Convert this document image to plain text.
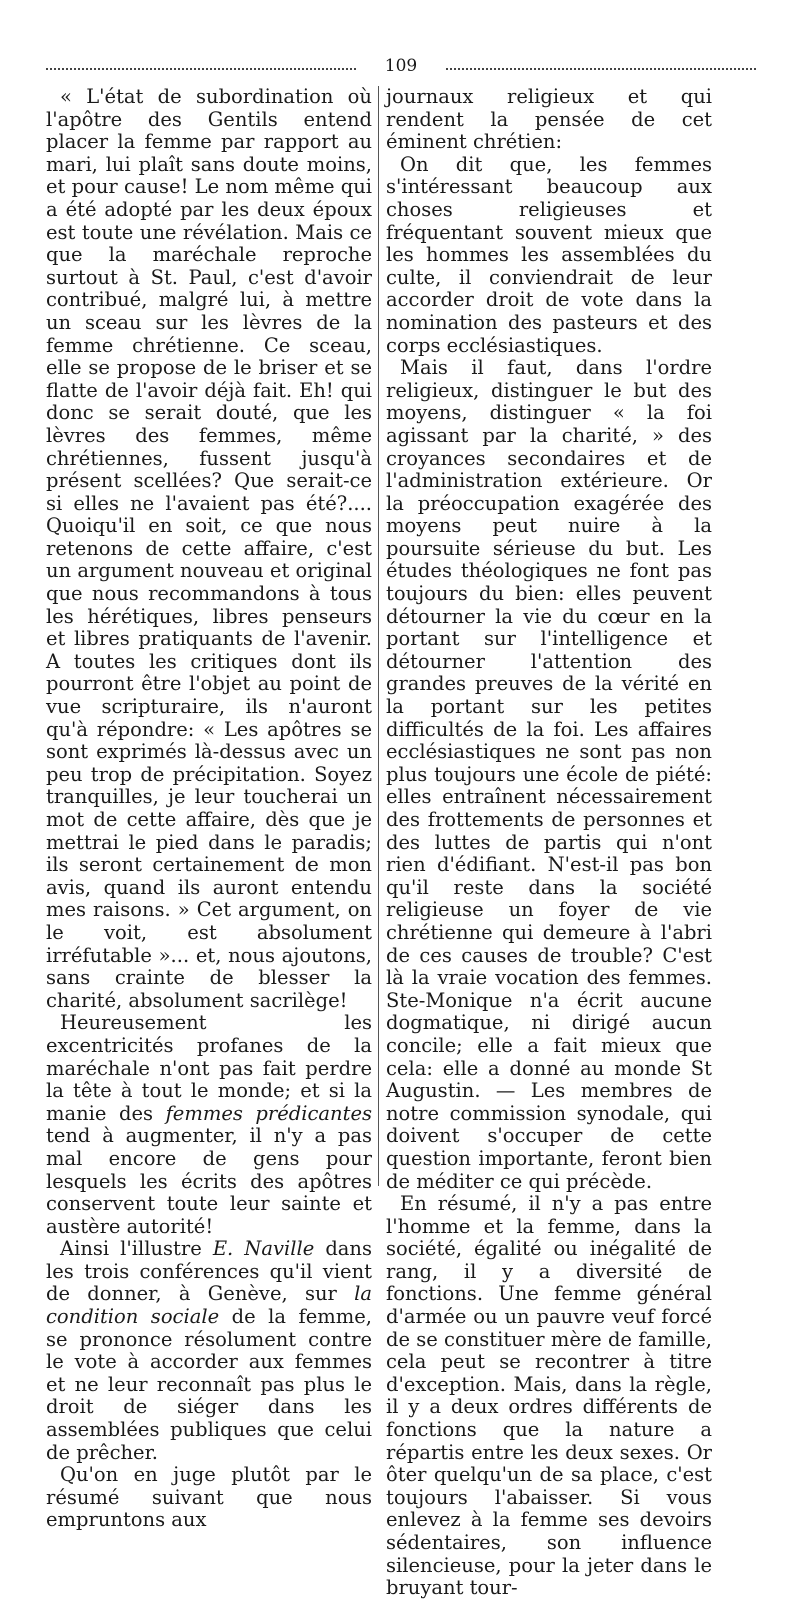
109

« L'état de subordination où l'apôtre des Gentils entend placer la femme par rapport au mari, lui plaît sans doute moins, et pour cause! Le nom même qui a été adopté par les deux époux est toute une révélation. Mais ce que la maréchale reproche surtout à St. Paul, c'est d'avoir contribué, malgré lui, à mettre un sceau sur les lèvres de la femme chrétienne. Ce sceau, elle se propose de le briser et se flatte de l'avoir déjà fait. Eh! qui donc se serait douté, que les lèvres des femmes, même chrétiennes, fussent jusqu'à présent scellées? Que serait-ce si elles ne l'avaient pas été?.... Quoiqu'il en soit, ce que nous retenons de cette affaire, c'est un argument nouveau et original que nous recommandons à tous les hérétiques, libres penseurs et libres pratiquants de l'avenir. A toutes les critiques dont ils pourront être l'objet au point de vue scripturaire, ils n'auront qu'à répondre: « Les apôtres se sont exprimés là-dessus avec un peu trop de précipitation. Soyez tranquilles, je leur toucherai un mot de cette affaire, dès que je mettrai le pied dans le paradis; ils seront certainement de mon avis, quand ils auront entendu mes raisons. » Cet argument, on le voit, est absolument irréfutable »... et, nous ajoutons, sans crainte de blesser la charité, absolument sacrilège!

Heureusement les excentricités profanes de la maréchale n'ont pas fait perdre la tête à tout le monde; et si la manie des femmes prédicantes tend à augmenter, il n'y a pas mal encore de gens pour lesquels les écrits des apôtres conservent toute leur sainte et austère autorité!

Ainsi l'illustre E. Naville dans les trois conférences qu'il vient de donner, à Genève, sur la condition sociale de la femme, se prononce résolument contre le vote à accorder aux femmes et ne leur reconnaît pas plus le droit de siéger dans les assemblées publiques que celui de prêcher.

Qu'on en juge plutôt par le résumé suivant que nous empruntons aux

journaux religieux et qui rendent la pensée de cet éminent chrétien:

On dit que, les femmes s'intéressant beaucoup aux choses religieuses et fréquentant souvent mieux que les hommes les assemblées du culte, il conviendrait de leur accorder droit de vote dans la nomination des pasteurs et des corps ecclésiastiques.

Mais il faut, dans l'ordre religieux, distinguer le but des moyens, distinguer « la foi agissant par la charité, » des croyances secondaires et de l'administration extérieure. Or la préoccupation exagérée des moyens peut nuire à la poursuite sérieuse du but. Les études théologiques ne font pas toujours du bien: elles peuvent détourner la vie du cœur en la portant sur l'intelligence et détourner l'attention des grandes preuves de la vérité en la portant sur les petites difficultés de la foi. Les affaires ecclésiastiques ne sont pas non plus toujours une école de piété: elles entraînent nécessairement des frottements de personnes et des luttes de partis qui n'ont rien d'édifiant. N'est-il pas bon qu'il reste dans la société religieuse un foyer de vie chrétienne qui demeure à l'abri de ces causes de trouble? C'est là la vraie vocation des femmes. Ste-Monique n'a écrit aucune dogmatique, ni dirigé aucun concile; elle a fait mieux que cela: elle a donné au monde St Augustin. — Les membres de notre commission synodale, qui doivent s'occuper de cette question importante, feront bien de méditer ce qui précède.

En résumé, il n'y a pas entre l'homme et la femme, dans la société, égalité ou inégalité de rang, il y a diversité de fonctions. Une femme général d'armée ou un pauvre veuf forcé de se constituer mère de famille, cela peut se recontrer à titre d'exception. Mais, dans la règle, il y a deux ordres différents de fonctions que la nature a répartis entre les deux sexes. Or ôter quelqu'un de sa place, c'est toujours l'abaisser. Si vous enlevez à la femme ses devoirs sédentaires, son influence silencieuse, pour la jeter dans le bruyant tour-
